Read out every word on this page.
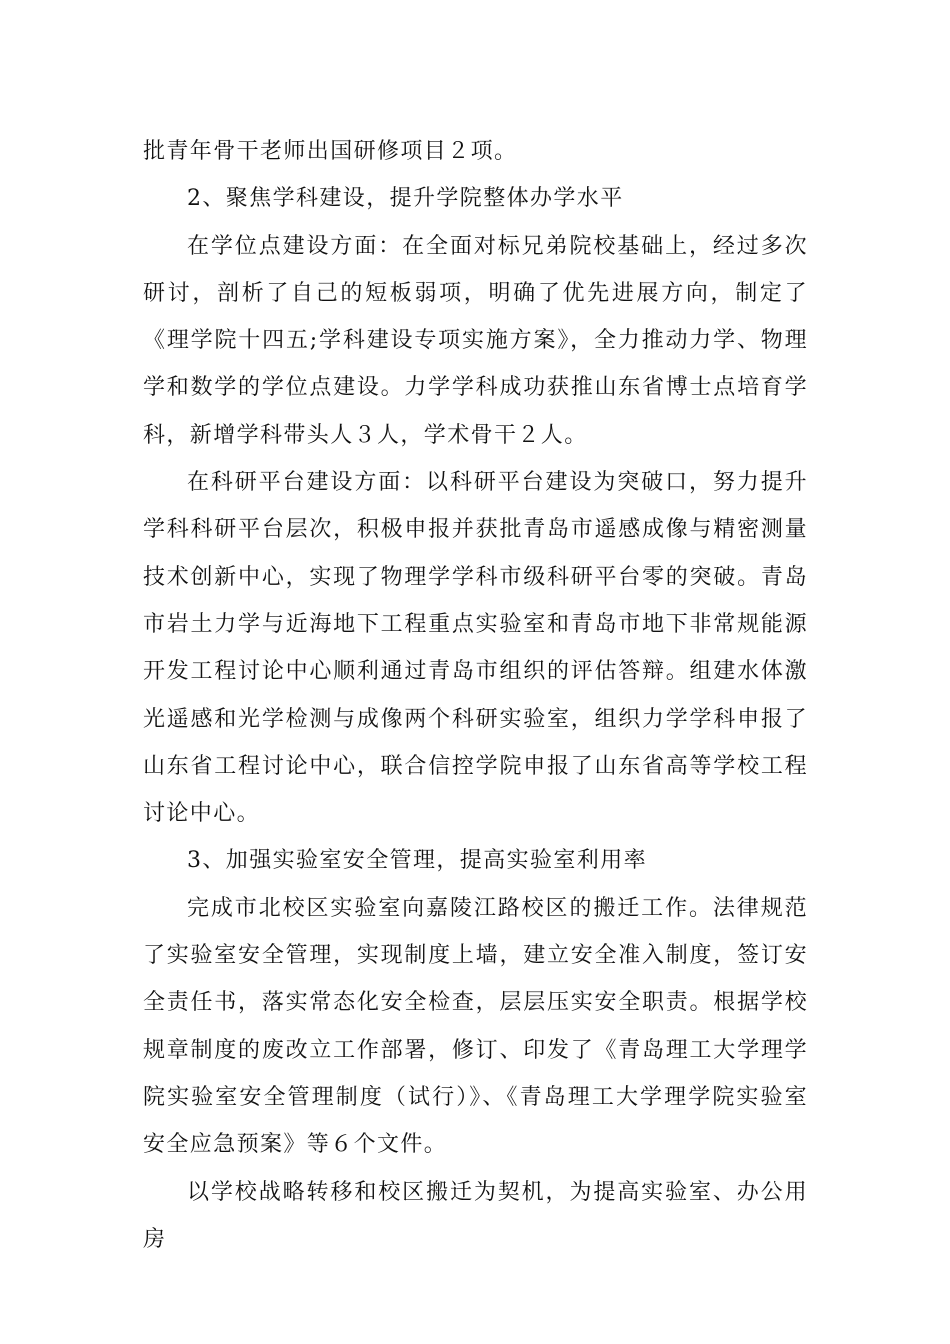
批青年骨干老师出国研修项目２项。

2、聚焦学科建设，提升学院整体办学水平

在学位点建设方面：在全面对标兄弟院校基础上，经过多次研讨，剖析了自己的短板弱项，明确了优先进展方向，制定了《理学院十四五;学科建设专项实施方案》，全力推动力学、物理学和数学的学位点建设。力学学科成功获推山东省博士点培育学科，新增学科带头人３人，学术骨干２人。

在科研平台建设方面：以科研平台建设为突破口，努力提升学科科研平台层次，积极申报并获批青岛市遥感成像与精密测量技术创新中心，实现了物理学学科市级科研平台零的突破。青岛市岩土力学与近海地下工程重点实验室和青岛市地下非常规能源开发工程讨论中心顺利通过青岛市组织的评估答辩。组建水体激光遥感和光学检测与成像两个科研实验室，组织力学学科申报了山东省工程讨论中心，联合信控学院申报了山东省高等学校工程讨论中心。

3、加强实验室安全管理，提高实验室利用率

完成市北校区实验室向嘉陵江路校区的搬迁工作。法律规范了实验室安全管理，实现制度上墙，建立安全准入制度，签订安全责任书，落实常态化安全检查，层层压实安全职责。根据学校规章制度的废改立工作部署，修订、印发了《青岛理工大学理学院实验室安全管理制度（试行）》、《青岛理工大学理学院实验室安全应急预案》等６个文件。

以学校战略转移和校区搬迁为契机，为提高实验室、办公用房
